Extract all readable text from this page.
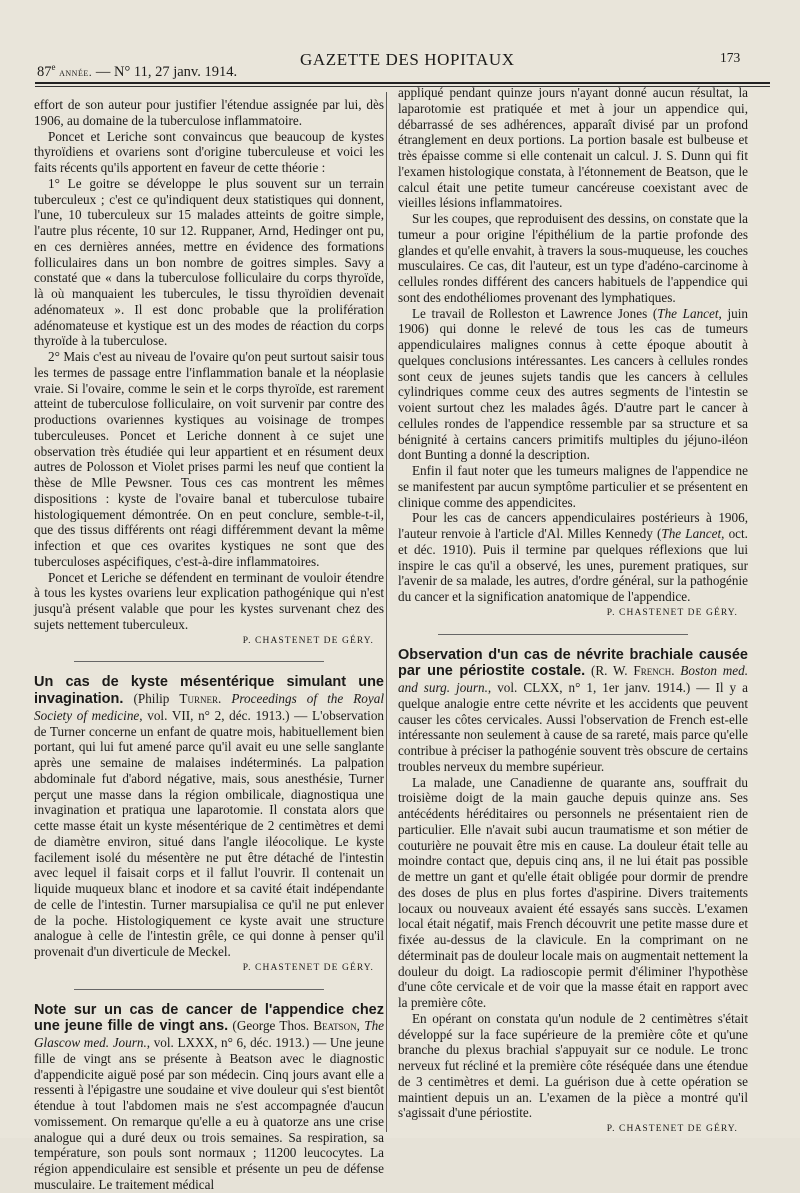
87e année. — N° 11, 27 janv. 1914.
GAZETTE DES HOPITAUX	173

effort de son auteur pour justifier l'étendue assignée par lui, dès 1906, au domaine de la tuberculose inflammatoire.

Poncet et Leriche sont convaincus que beaucoup de kystes thyroïdiens et ovariens sont d'origine tuberculeuse et voici les faits récents qu'ils apportent en faveur de cette théorie :

1° Le goitre se développe le plus souvent sur un terrain tuberculeux ; c'est ce qu'indiquent deux statistiques qui donnent, l'une, 10 tuberculeux sur 15 malades atteints de goitre simple, l'autre plus récente, 10 sur 12. Ruppaner, Arnd, Hedinger ont pu, en ces dernières années, mettre en évidence des formations folliculaires dans un bon nombre de goitres simples. Savy a constaté que « dans la tuberculose folliculaire du corps thyroïde, là où manquaient les tubercules, le tissu thyroïdien devenait adénomateux ». Il est donc probable que la prolifération adénomateuse et kystique est un des modes de réaction du corps thyroïde à la tuberculose.

2° Mais c'est au niveau de l'ovaire qu'on peut surtout saisir tous les termes de passage entre l'inflammation banale et la néoplasie vraie. Si l'ovaire, comme le sein et le corps thyroïde, est rarement atteint de tuberculose folliculaire, on voit survenir par contre des productions ovariennes kystiques au voisinage de trompes tuberculeuses. Poncet et Leriche donnent à ce sujet une observation très étudiée qui leur appartient et en résument deux autres de Polosson et Violet prises parmi les neuf que contient la thèse de Mlle Pewsner. Tous ces cas montrent les mêmes dispositions : kyste de l'ovaire banal et tuberculose tubaire histologiquement démontrée. On en peut conclure, semble-t-il, que des tissus différents ont réagi différemment devant la même infection et que ces ovarites kystiques ne sont que des tuberculoses aspécifiques, c'est-à-dire inflammatoires.

Poncet et Leriche se défendent en terminant de vouloir étendre à tous les kystes ovariens leur explication pathogénique qui n'est jusqu'à présent valable que pour les kystes survenant chez des sujets nettement tuberculeux.

P. CHASTENET DE GÉRY.

Un cas de kyste mésentérique simulant une invagination. (Philip Turner. Proceedings of the Royal Society of medicine, vol. VII, n° 2, déc. 1913.) — L'observation de Turner concerne un enfant de quatre mois, habituellement bien portant, qui lui fut amené parce qu'il avait eu une selle sanglante après une semaine de malaises indéterminés. La palpation abdominale fut d'abord négative, mais, sous anesthésie, Turner perçut une masse dans la région ombilicale, diagnostiqua une invagination et pratiqua une laparotomie. Il constata alors que cette masse était un kyste mésentérique de 2 centimètres et demi de diamètre environ, situé dans l'angle iléocolique. Le kyste facilement isolé du mésentère ne put être détaché de l'intestin avec lequel il faisait corps et il fallut l'ouvrir. Il contenait un liquide muqueux blanc et inodore et sa cavité était indépendante de celle de l'intestin. Turner marsupialisa ce qu'il ne put enlever de la poche. Histologiquement ce kyste avait une structure analogue à celle de l'intestin grêle, ce qui donne à penser qu'il provenait d'un diverticule de Meckel.

P. CHASTENET DE GÉRY.

Note sur un cas de cancer de l'appendice chez une jeune fille de vingt ans. (George Thos. Beatson, The Glascow med. Journ., vol. LXXX, n° 6, déc. 1913.) — Une jeune fille de vingt ans se présente à Beatson avec le diagnostic d'appendicite aiguë posé par son médecin. Cinq jours avant elle a ressenti à l'épigastre une soudaine et vive douleur qui s'est bientôt étendue à tout l'abdomen mais ne s'est accompagnée d'aucun vomissement. On remarque qu'elle a eu à quatorze ans une crise analogue qui a duré deux ou trois semaines. Sa respiration, sa température, son pouls sont normaux ; 11200 leucocytes. La région appendiculaire est sensible et présente un peu de défense musculaire. Le traitement médical

appliqué pendant quinze jours n'ayant donné aucun résultat, la laparotomie est pratiquée et met à jour un appendice qui, débarrassé de ses adhérences, apparaît divisé par un profond étranglement en deux portions. La portion basale est bulbeuse et très épaisse comme si elle contenait un calcul. J. S. Dunn qui fit l'examen histologique constata, à l'étonnement de Beatson, que le calcul était une petite tumeur cancéreuse coexistant avec de vieilles lésions inflammatoires.

Sur les coupes, que reproduisent des dessins, on constate que la tumeur a pour origine l'épithélium de la partie profonde des glandes et qu'elle envahit, à travers la sous-muqueuse, les couches musculaires. Ce cas, dit l'auteur, est un type d'adéno-carcinome à cellules rondes différent des cancers habituels de l'appendice qui sont des endothéliomes provenant des lymphatiques.

Le travail de Rolleston et Lawrence Jones (The Lancet, juin 1906) qui donne le relevé de tous les cas de tumeurs appendiculaires malignes connus à cette époque aboutit à quelques conclusions intéressantes. Les cancers à cellules rondes sont ceux de jeunes sujets tandis que les cancers à cellules cylindriques comme ceux des autres segments de l'intestin se voient surtout chez les malades âgés. D'autre part le cancer à cellules rondes de l'appendice ressemble par sa structure et sa bénignité à certains cancers primitifs multiples du jéjuno-iléon dont Bunting a donné la description.

Enfin il faut noter que les tumeurs malignes de l'appendice ne se manifestent par aucun symptôme particulier et se présentent en clinique comme des appendicites.

Pour les cas de cancers appendiculaires postérieurs à 1906, l'auteur renvoie à l'article d'Al. Milles Kennedy (The Lancet, oct. et déc. 1910). Puis il termine par quelques réflexions que lui inspire le cas qu'il a observé, les unes, purement pratiques, sur l'avenir de sa malade, les autres, d'ordre général, sur la pathogénie du cancer et la signification anatomique de l'appendice.

P. CHASTENET DE GÉRY.

Observation d'un cas de névrite brachiale causée par une périostite costale. (R. W. French. Boston med. and surg. journ., vol. CLXX, n° 1, 1er janv. 1914.) — Il y a quelque analogie entre cette névrite et les accidents que peuvent causer les côtes cervicales. Aussi l'observation de French est-elle intéressante non seulement à cause de sa rareté, mais parce qu'elle contribue à préciser la pathogénie souvent très obscure de certains troubles nerveux du membre supérieur.

La malade, une Canadienne de quarante ans, souffrait du troisième doigt de la main gauche depuis quinze ans. Ses antécédents héréditaires ou personnels ne présentaient rien de particulier. Elle n'avait subi aucun traumatisme et son métier de couturière ne pouvait être mis en cause. La douleur était telle au moindre contact que, depuis cinq ans, il ne lui était pas possible de mettre un gant et qu'elle était obligée pour dormir de prendre des doses de plus en plus fortes d'aspirine. Divers traitements locaux ou nouveaux avaient été essayés sans succès. L'examen local était négatif, mais French découvrit une petite masse dure et fixée au-dessus de la clavicule. En la comprimant on ne déterminait pas de douleur locale mais on augmentait nettement la douleur du doigt. La radioscopie permit d'éliminer l'hypothèse d'une côte cervicale et de voir que la masse était en rapport avec la première côte.

En opérant on constata qu'un nodule de 2 centimètres s'était développé sur la face supérieure de la première côte et qu'une branche du plexus brachial s'appuyait sur ce nodule. Le tronc nerveux fut récliné et la première côte réséquée dans une étendue de 3 centimètres et demi. La guérison due à cette opération se maintient depuis un an. L'examen de la pièce a montré qu'il s'agissait d'une périostite.

P. CHASTENET DE GÉRY.
